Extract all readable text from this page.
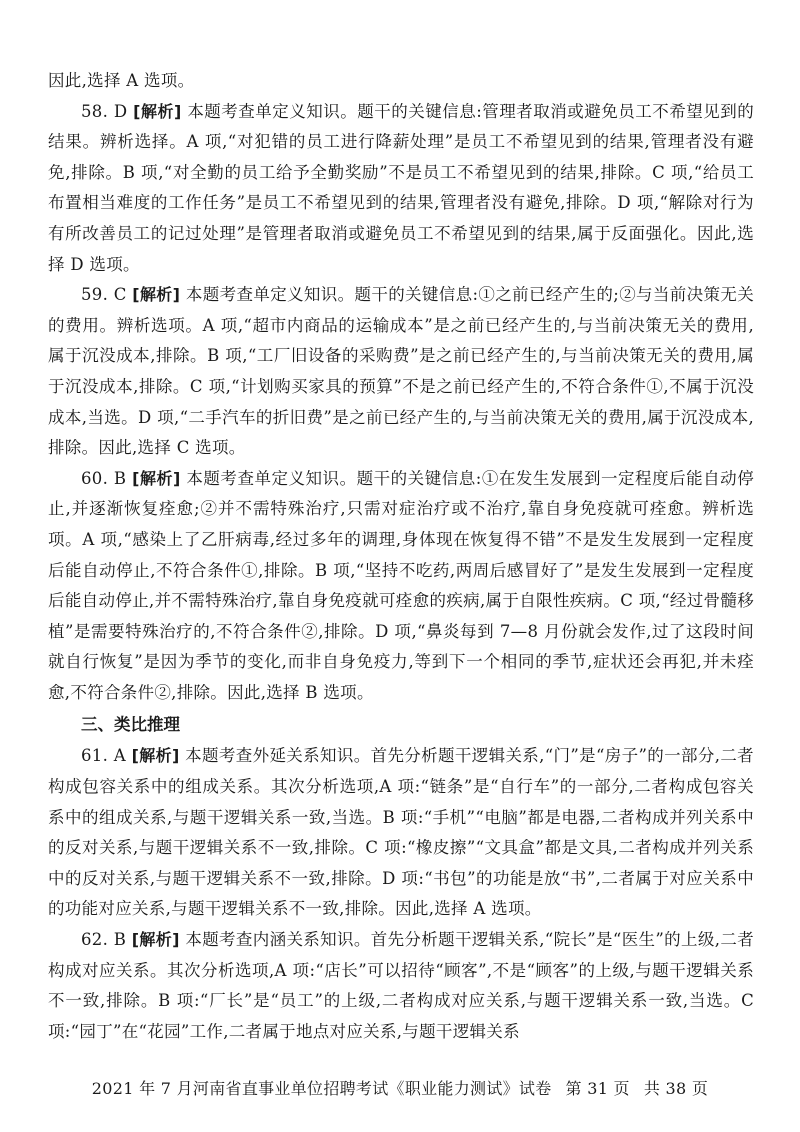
因此,选择 A 选项。

58. D [解析] 本题考查单定义知识。题干的关键信息:管理者取消或避免员工不希望见到的结果。辨析选择。A 项,“对犯错的员工进行降薪处理”是员工不希望见到的结果,管理者没有避免,排除。B 项,“对全勤的员工给予全勤奖励”不是员工不希望见到的结果,排除。C 项,“给员工布置相当难度的工作任务”是员工不希望见到的结果,管理者没有避免,排除。D 项,“解除对行为有所改善员工的记过处理”是管理者取消或避免员工不希望见到的结果,属于反面强化。因此,选择 D 选项。

59. C [解析] 本题考查单定义知识。题干的关键信息:①之前已经产生的;②与当前决策无关的费用。辨析选项。A 项,“超市内商品的运输成本”是之前已经产生的,与当前决策无关的费用,属于沉没成本,排除。B 项,“工厂旧设备的采购费”是之前已经产生的,与当前决策无关的费用,属于沉没成本,排除。C 项,“计划购买家具的预算”不是之前已经产生的,不符合条件①,不属于沉没成本,当选。D 项,“二手汽车的折旧费”是之前已经产生的,与当前决策无关的费用,属于沉没成本,排除。因此,选择 C 选项。

60. B [解析] 本题考查单定义知识。题干的关键信息:①在发生发展到一定程度后能自动停止,并逐渐恢复痊愈;②并不需特殊治疗,只需对症治疗或不治疗,靠自身免疫就可痊愈。辨析选项。A 项,“感染上了乙肝病毒,经过多年的调理,身体现在恢复得不错”不是发生发展到一定程度后能自动停止,不符合条件①,排除。B 项,“坚持不吃药,两周后感冒好了”是发生发展到一定程度后能自动停止,并不需特殊治疗,靠自身免疫就可痊愈的疾病,属于自限性疾病。C 项,“经过骨髓移植”是需要特殊治疗的,不符合条件②,排除。D 项,“鼻炎每到 7—8 月份就会发作,过了这段时间就自行恢复”是因为季节的变化,而非自身免疫力,等到下一个相同的季节,症状还会再犯,并未痊愈,不符合条件②,排除。因此,选择 B 选项。

三、类比推理

61. A [解析] 本题考查外延关系知识。首先分析题干逻辑关系,“门”是“房子”的一部分,二者构成包容关系中的组成关系。其次分析选项,A 项:“链条”是“自行车”的一部分,二者构成包容关系中的组成关系,与题干逻辑关系一致,当选。B 项:“手机”“电脑”都是电器,二者构成并列关系中的反对关系,与题干逻辑关系不一致,排除。C 项:“橡皮擦”“文具盒”都是文具,二者构成并列关系中的反对关系,与题干逻辑关系不一致,排除。D 项:“书包”的功能是放“书”,二者属于对应关系中的功能对应关系,与题干逻辑关系不一致,排除。因此,选择 A 选项。

62. B [解析] 本题考查内涵关系知识。首先分析题干逻辑关系,“院长”是“医生”的上级,二者构成对应关系。其次分析选项,A 项:“店长”可以招待“顾客”,不是“顾客”的上级,与题干逻辑关系不一致,排除。B 项:“厂长”是“员工”的上级,二者构成对应关系,与题干逻辑关系一致,当选。C 项:“园丁”在“花园”工作,二者属于地点对应关系,与题干逻辑关系

2021 年 7 月河南省直事业单位招聘考试《职业能力测试》试卷 第 31 页 共 38 页
